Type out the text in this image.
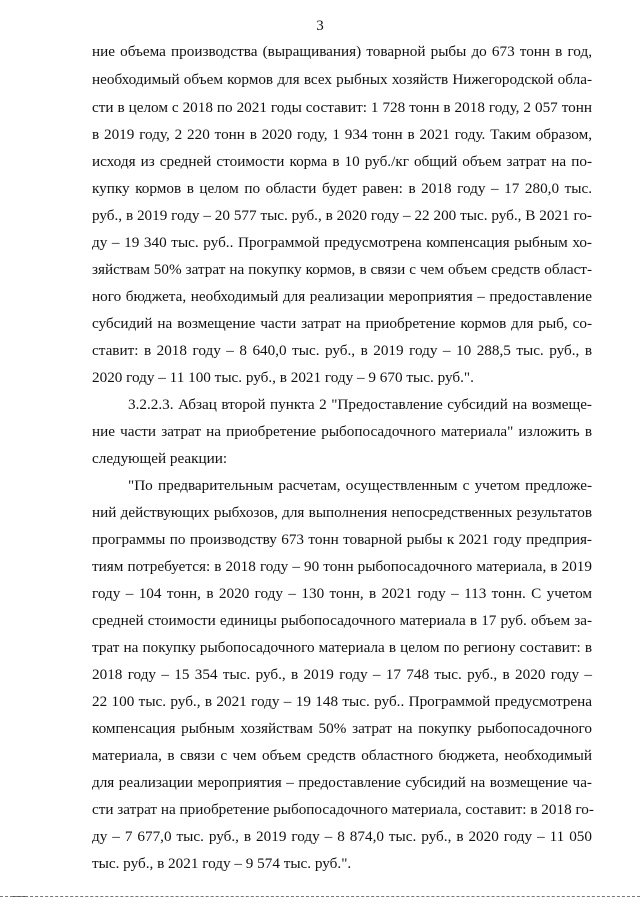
3
ние объема производства (выращивания) товарной рыбы до 673 тонн в год,
необходимый объем кормов для всех рыбных хозяйств Нижегородской обла-
сти в целом с 2018 по 2021 годы составит: 1 728 тонн в 2018 году, 2 057 тонн
в 2019 году, 2 220 тонн в 2020 году, 1 934 тонн в 2021 году. Таким образом,
исходя из средней стоимости корма в 10 руб./кг общий объем затрат на по-
купку кормов в целом по области будет равен: в 2018 году – 17 280,0 тыс.
руб., в 2019 году – 20 577 тыс. руб., в 2020 году – 22 200 тыс. руб., В 2021 го-
ду – 19 340 тыс. руб.. Программой предусмотрена компенсация рыбным хо-
зяйствам 50% затрат на покупку кормов, в связи с чем объем средств област-
ного бюджета, необходимый для реализации мероприятия – предоставление
субсидий на возмещение части затрат на приобретение кормов для рыб, со-
ставит: в 2018 году – 8 640,0 тыс. руб., в 2019 году – 10 288,5 тыс. руб., в
2020 году – 11 100 тыс. руб., в 2021 году – 9 670 тыс. руб.".
3.2.2.3. Абзац второй пункта 2 "Предоставление субсидий на возмеще-
ние части затрат на приобретение рыбопосадочного материала" изложить в
следующей реакции:
"По предварительным расчетам, осуществленным с учетом предложе-
ний действующих рыбхозов, для выполнения непосредственных результатов
программы по производству 673 тонн товарной рыбы к 2021 году предприя-
тиям потребуется: в 2018 году – 90 тонн рыбопосадочного материала, в 2019
году – 104 тонн, в 2020 году – 130 тонн, в 2021 году – 113 тонн. С учетом
средней стоимости единицы рыбопосадочного материала в 17 руб. объем за-
трат на покупку рыбопосадочного материала в целом по региону составит: в
2018 году – 15 354 тыс. руб., в 2019 году – 17 748 тыс. руб., в 2020 году –
22 100 тыс. руб., в 2021 году – 19 148 тыс. руб.. Программой предусмотрена
компенсация рыбным хозяйствам 50% затрат на покупку рыбопосадочного
материала, в связи с чем объем средств областного бюджета, необходимый
для реализации мероприятия – предоставление субсидий на возмещение ча-
сти затрат на приобретение рыбопосадочного материала, составит: в 2018 го-
ду – 7 677,0 тыс. руб., в 2019 году – 8 874,0 тыс. руб., в 2020 году – 11 050
тыс. руб., в 2021 году – 9 574 тыс. руб.".
